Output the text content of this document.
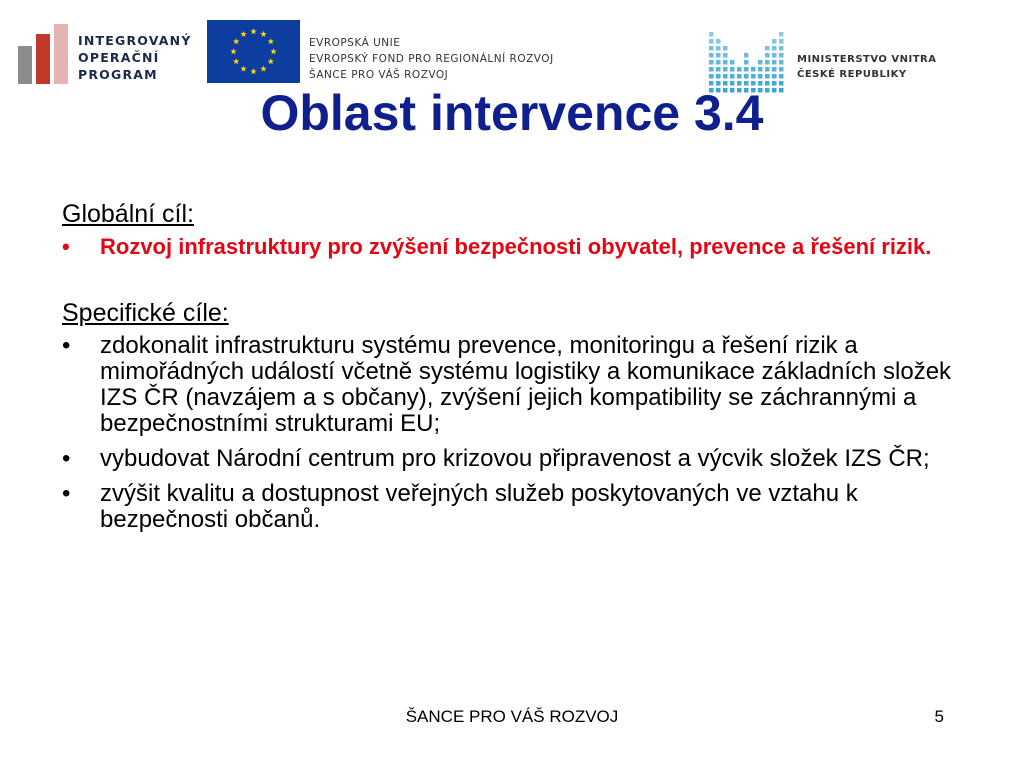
INTEGROVANÝ
OPERAČNÍ
PROGRAM
EVROPSKÁ UNIE
EVROPSKÝ FOND PRO REGIONÁLNÍ ROZVOJ
ŠANCE PRO VÁŠ ROZVOJ
MINISTERSTVO VNITRA
ČESKÉ REPUBLIKY
Oblast intervence 3.4
Globální cíl:
•	Rozvoj infrastruktury pro zvýšení bezpečnosti obyvatel, prevence a řešení rizik.
Specifické cíle:
•	zdokonalit infrastrukturu systému prevence, monitoringu a řešení rizik a mimořádných událostí včetně systému logistiky a komunikace základních složek IZS ČR (navzájem a s občany), zvýšení jejich kompatibility se záchrannými a bezpečnostními strukturami EU;
•	vybudovat Národní centrum pro krizovou připravenost a výcvik složek IZS ČR;
•	zvýšit kvalitu a dostupnost veřejných služeb poskytovaných ve vztahu k bezpečnosti občanů.
ŠANCE PRO VÁŠ ROZVOJ	5
